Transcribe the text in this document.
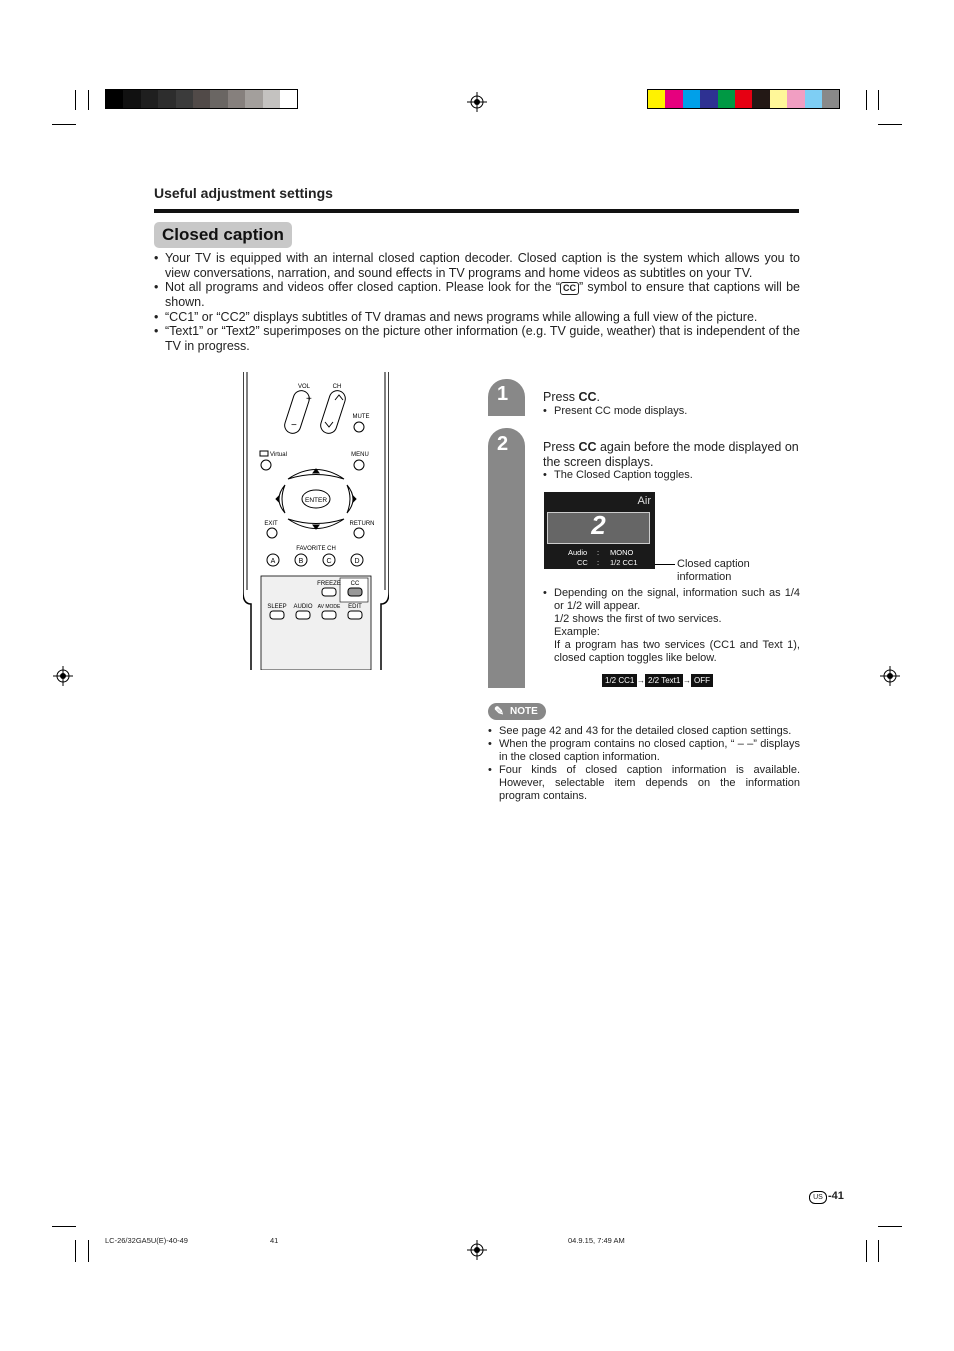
Useful adjustment settings
Closed caption
• Your TV is equipped with an internal closed caption decoder. Closed caption is the system which allows you to view conversations, narration, and sound effects in TV programs and home videos as subtitles on your TV.
• Not all programs and videos offer closed caption. Please look for the “ CC ” symbol to ensure that captions will be shown.
• “CC1” or “CC2” displays subtitles of TV dramas and news programs while allowing a full view of the picture.
• “Text1” or “Text2” superimposes on the picture other information (e.g. TV guide, weather) that is independent of the TV in progress.
VOL	CH
+
−
MUTE
Virtual	MENU
ENTER
EXIT	RETURN
FAVORITE CH
A	B	C	D
FREEZE CC
SLEEP AUDIO AV MODE EDIT
1
2
Press CC.
• Present CC mode displays.
Press CC again before the mode displayed on the screen displays.
• The Closed Caption toggles.
Air
2
Audio : MONO
CC : 1/2 CC1	Closed caption information
• Depending on the signal, information such as 1/4 or 1/2 will appear.
1/2 shows the first of two services.
Example:
If a program has two services (CC1 and Text 1), closed caption toggles like below.
1/2 CC1 → 2/2 Text1 → OFF
✎ NOTE
• See page 42 and 43 for the detailed closed caption settings.
• When the program contains no closed caption, “ – –” displays in the closed caption information.
• Four kinds of closed caption information is available. However, selectable item depends on the information program contains.
US -41
LC-26/32GA5U(E)-40-49	41	04.9.15, 7:49 AM
